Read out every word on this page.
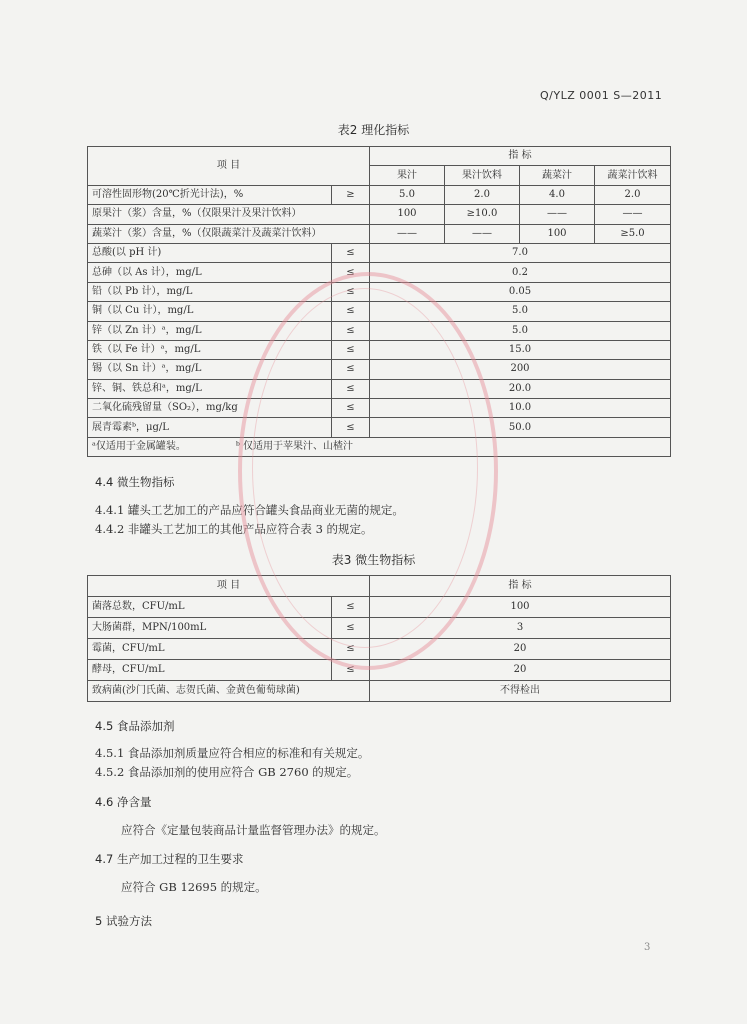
Q/YLZ 0001 S—2011
表2 理化指标
项 目		指 标			
		果汁	果汁饮料	蔬菜汁	蔬菜汁饮料
可溶性固形物(20℃折光计法)，%	≥	5.0	2.0	4.0	2.0
原果汁（浆）含量，%（仅限果汁及果汁饮料）		100	≥10.0	——	——
蔬菜汁（浆）含量，%（仅限蔬菜汁及蔬菜汁饮料）		——	——	100	≥5.0
总酸(以 pH 计)	≤	7.0			
总砷（以 As 计），mg/L	≤	0.2			
铅（以 Pb 计），mg/L	≤	0.05			
铜（以 Cu 计），mg/L	≤	5.0			
锌（以 Zn 计）ᵃ，mg/L	≤	5.0			
铁（以 Fe 计）ᵃ，mg/L	≤	15.0			
锡（以 Sn 计）ᵃ，mg/L	≤	200			
锌、铜、铁总和ᵃ，mg/L	≤	20.0			
二氧化硫残留量（SO₂），mg/kg	≤	10.0			
展青霉素ᵇ，μg/L	≤	50.0			
ᵃ仅适用于金属罐装。 ᵇ 仅适用于苹果汁、山楂汁					
4.4 微生物指标
4.4.1 罐头工艺加工的产品应符合罐头食品商业无菌的规定。
4.4.2 非罐头工艺加工的其他产品应符合表 3 的规定。
表3 微生物指标
项 目		指 标
菌落总数，CFU/mL	≤	100
大肠菌群，MPN/100mL	≤	3
霉菌，CFU/mL	≤	20
酵母，CFU/mL	≤	20
致病菌(沙门氏菌、志贺氏菌、金黄色葡萄球菌)		不得检出
4.5 食品添加剂
4.5.1 食品添加剂质量应符合相应的标准和有关规定。
4.5.2 食品添加剂的使用应符合 GB 2760 的规定。
4.6 净含量
应符合《定量包装商品计量监督管理办法》的规定。
4.7 生产加工过程的卫生要求
应符合 GB 12695 的规定。
5 试验方法
3
